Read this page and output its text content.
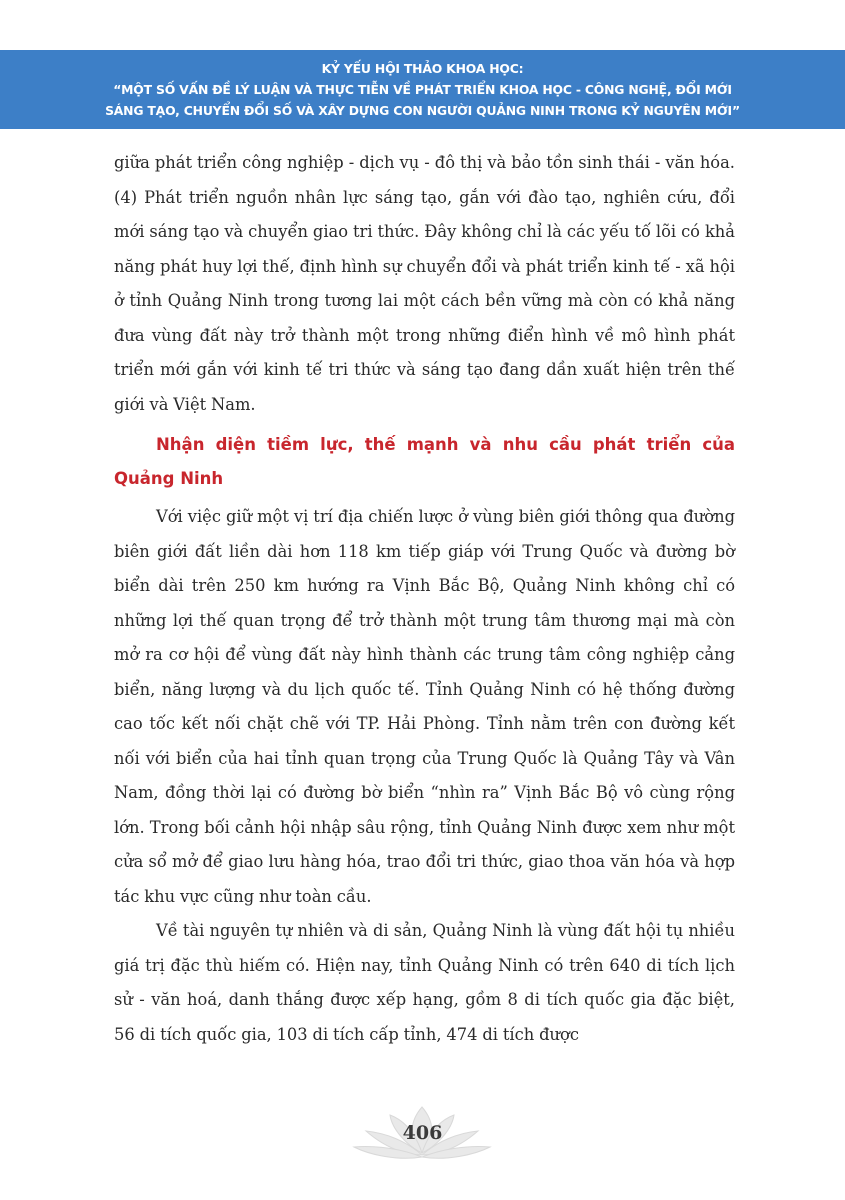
KỶ YẾU HỘI THẢO KHOA HỌC:
“MỘT SỐ VẤN ĐỀ LÝ LUẬN VÀ THỰC TIỄN VỀ PHÁT TRIỂN KHOA HỌC - CÔNG NGHỆ, ĐỔI MỚI
SÁNG TẠO, CHUYỂN ĐỔI SỐ VÀ XÂY DỰNG CON NGƯỜI QUẢNG NINH TRONG KỶ NGUYÊN MỚI”

giữa phát triển công nghiệp - dịch vụ - đô thị và bảo tồn sinh thái - văn hóa. (4) Phát triển nguồn nhân lực sáng tạo, gắn với đào tạo, nghiên cứu, đổi mới sáng tạo và chuyển giao tri thức. Đây không chỉ là các yếu tố lõi có khả năng phát huy lợi thế, định hình sự chuyển đổi và phát triển kinh tế - xã hội ở tỉnh Quảng Ninh trong tương lai một cách bền vững mà còn có khả năng đưa vùng đất này trở thành một trong những điển hình về mô hình phát triển mới gắn với kinh tế tri thức và sáng tạo đang dần xuất hiện trên thế giới và Việt Nam.

Nhận diện tiềm lực, thế mạnh và nhu cầu phát triển của Quảng Ninh

Với việc giữ một vị trí địa chiến lược ở vùng biên giới thông qua đường biên giới đất liền dài hơn 118 km tiếp giáp với Trung Quốc và đường bờ biển dài trên 250 km hướng ra Vịnh Bắc Bộ, Quảng Ninh không chỉ có những lợi thế quan trọng để trở thành một trung tâm thương mại mà còn mở ra cơ hội để vùng đất này hình thành các trung tâm công nghiệp cảng biển, năng lượng và du lịch quốc tế. Tỉnh Quảng Ninh có hệ thống đường cao tốc kết nối chặt chẽ với TP. Hải Phòng. Tỉnh nằm trên con đường kết nối với biển của hai tỉnh quan trọng của Trung Quốc là Quảng Tây và Vân Nam, đồng thời lại có đường bờ biển “nhìn ra” Vịnh Bắc Bộ vô cùng rộng lớn. Trong bối cảnh hội nhập sâu rộng, tỉnh Quảng Ninh được xem như một cửa sổ mở để giao lưu hàng hóa, trao đổi tri thức, giao thoa văn hóa và hợp tác khu vực cũng như toàn cầu.

Về tài nguyên tự nhiên và di sản, Quảng Ninh là vùng đất hội tụ nhiều giá trị đặc thù hiếm có. Hiện nay, tỉnh Quảng Ninh có trên 640 di tích lịch sử - văn hoá, danh thắng được xếp hạng, gồm 8 di tích quốc gia đặc biệt, 56 di tích quốc gia, 103 di tích cấp tỉnh, 474 di tích được

406
